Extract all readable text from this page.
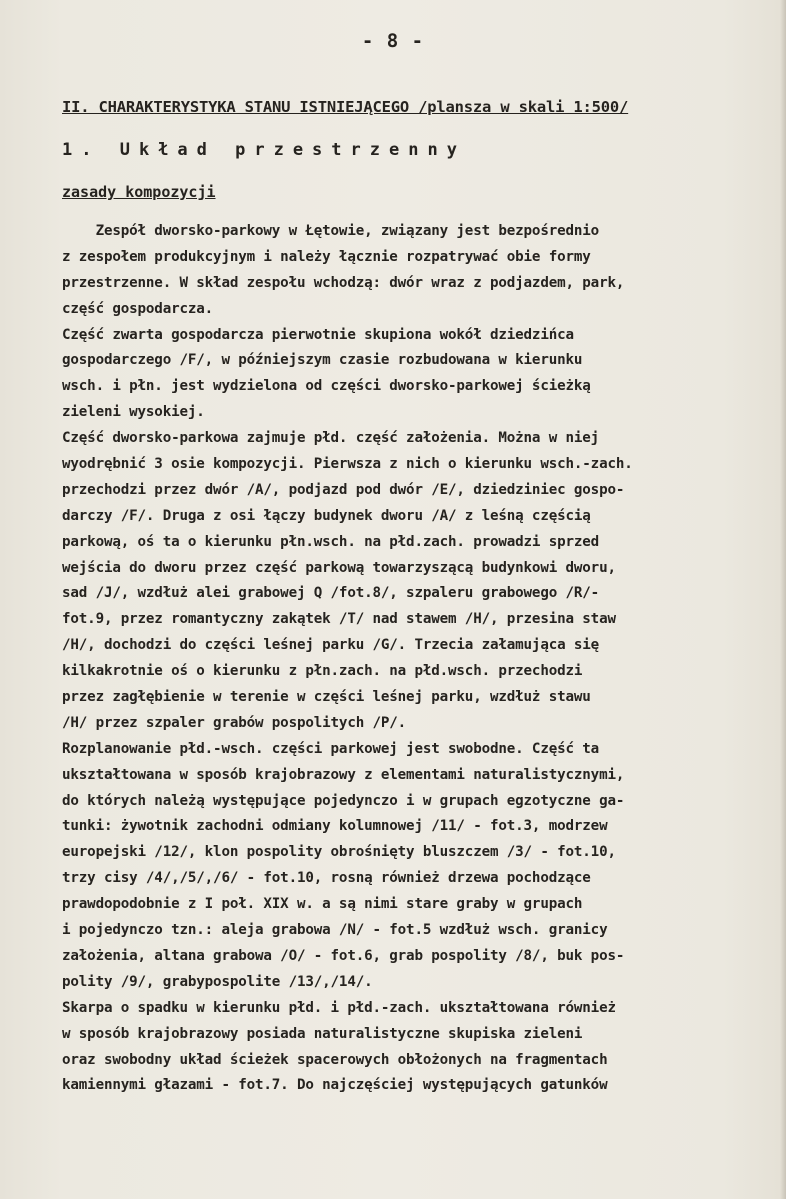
- 8 -
II. CHARAKTERYSTYKA STANU ISTNIEJĄCEGO /plansza w skali 1:500/
1. Układ przestrzenny
zasady kompozycji
Zespół dworsko-parkowy w Łętowie, związany jest bezpośrednio
z zespołem produkcyjnym i należy łącznie rozpatrywać obie formy
przestrzenne. W skład zespołu wchodzą: dwór wraz z podjazdem, park,
część gospodarcza.
Część zwarta gospodarcza pierwotnie skupiona wokół dziedzińca
gospodarczego /F/, w późniejszym czasie rozbudowana w kierunku
wsch. i płn. jest wydzielona od części dworsko-parkowej ścieżką
zieleni wysokiej.
Część dworsko-parkowa zajmuje płd. część założenia. Można w niej
wyodrębnić 3 osie kompozycji. Pierwsza z nich o kierunku wsch.-zach.
przechodzi przez dwór /A/, podjazd pod dwór /E/, dziedziniec gospo-
darczy /F/. Druga z osi łączy budynek dworu /A/ z leśną częścią
parkową, oś ta o kierunku płn.wsch. na płd.zach. prowadzi sprzed
wejścia do dworu przez część parkową towarzyszącą budynkowi dworu,
sad /J/, wzdłuż alei grabowej Q /fot.8/, szpaleru grabowego /R/-
fot.9, przez romantyczny zakątek /T/ nad stawem /H/, przesina staw
/H/, dochodzi do części leśnej parku /G/. Trzecia załamująca się
kilkakrotnie oś o kierunku z płn.zach. na płd.wsch. przechodzi
przez zagłębienie w terenie w części leśnej parku, wzdłuż stawu
/H/ przez szpaler grabów pospolitych /P/.
Rozplanowanie płd.-wsch. części parkowej jest swobodne. Część ta
ukształtowana w sposób krajobrazowy z elementami naturalistycznymi,
do których należą występujące pojedynczo i w grupach egzotyczne ga-
tunki: żywotnik zachodni odmiany kolumnowej /11/ - fot.3, modrzew
europejski /12/, klon pospolity obrośnięty bluszczem /3/ - fot.10,
trzy cisy /4/,/5/,/6/ - fot.10, rosną również drzewa pochodzące
prawdopodobnie z I poł. XIX w. a są nimi stare graby w grupach
i pojedynczo tzn.: aleja grabowa /N/ - fot.5 wzdłuż wsch. granicy
założenia, altana grabowa /O/ - fot.6, grab pospolity /8/, buk pos-
polity /9/, grabypospolite /13/,/14/.
Skarpa o spadku w kierunku płd. i płd.-zach. ukształtowana również
w sposób krajobrazowy posiada naturalistyczne skupiska zieleni
oraz swobodny układ ścieżek spacerowych obłożonych na fragmentach
kamiennymi głazami - fot.7. Do najczęściej występujących gatunków
